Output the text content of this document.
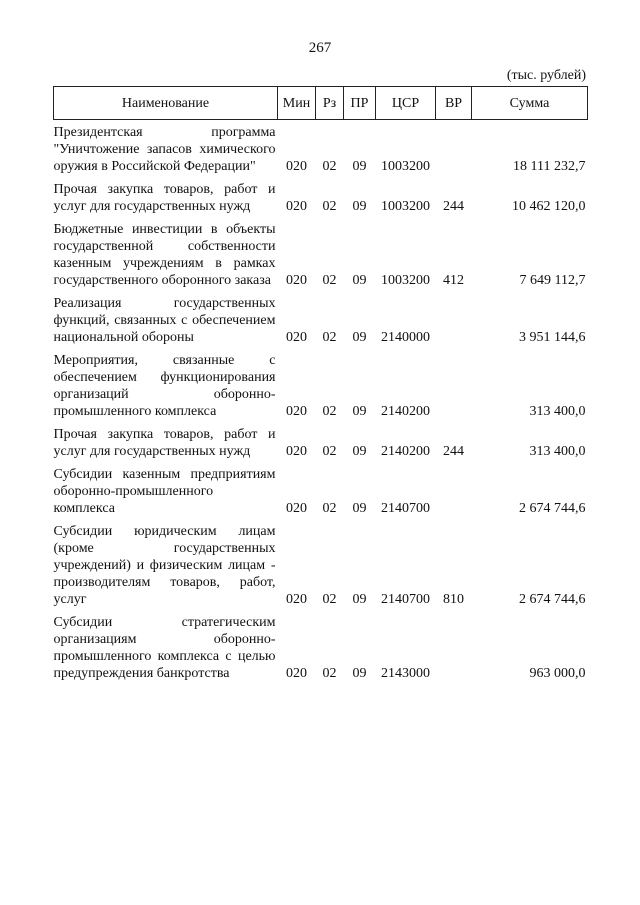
267
(тыс. рублей)
Наименование	Мин	Рз	ПР	ЦСР	ВР	Сумма
Президентская программа "Уничтожение запасов химического оружия в Российской Федерации"	020	02	09	1003200		18 111 232,7
Прочая закупка товаров, работ и услуг для государственных нужд	020	02	09	1003200	244	10 462 120,0
Бюджетные инвестиции в объекты государственной собственности казенным учреждениям в рамках государственного оборонного заказа	020	02	09	1003200	412	7 649 112,7
Реализация государственных функций, связанных с обеспечением национальной обороны	020	02	09	2140000		3 951 144,6
Мероприятия, связанные с обеспечением функционирования организаций оборонно-промышленного комплекса	020	02	09	2140200		313 400,0
Прочая закупка товаров, работ и услуг для государственных нужд	020	02	09	2140200	244	313 400,0
Субсидии казенным предприятиям оборонно-промышленного комплекса	020	02	09	2140700		2 674 744,6
Субсидии юридическим лицам (кроме государственных учреждений) и физическим лицам - производителям товаров, работ, услуг	020	02	09	2140700	810	2 674 744,6
Субсидии стратегическим организациям оборонно-промышленного комплекса с целью предупреждения банкротства	020	02	09	2143000		963 000,0
